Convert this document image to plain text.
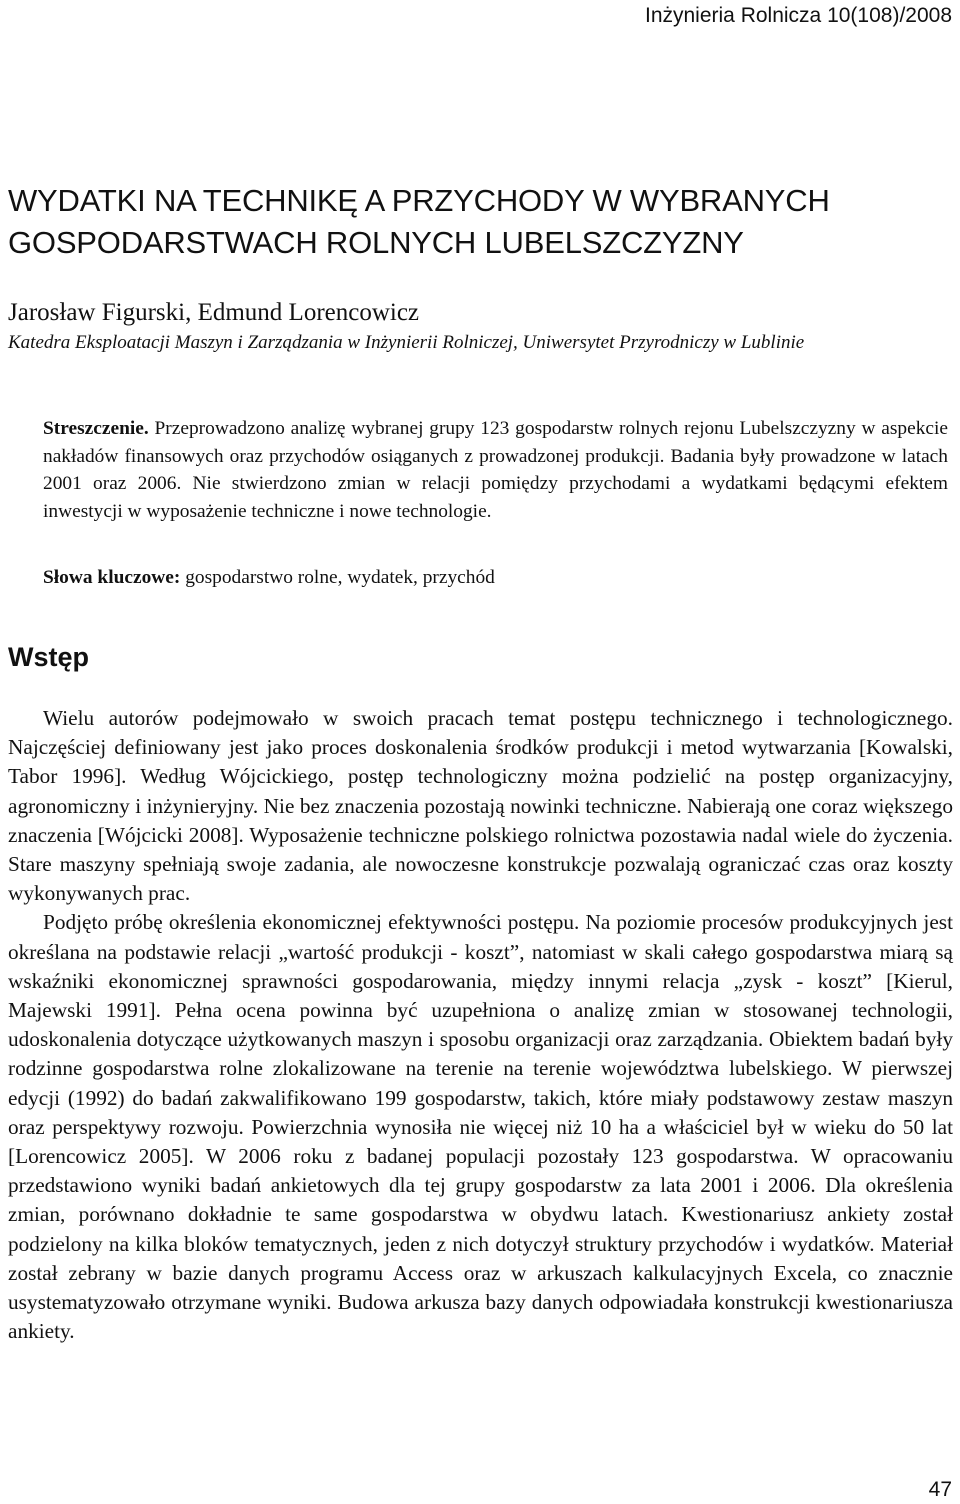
Inżynieria Rolnicza 10(108)/2008
WYDATKI NA TECHNIKĘ A PRZYCHODY W WYBRANYCH GOSPODARSTWACH ROLNYCH LUBELSZCZYZNY
Jarosław Figurski, Edmund Lorencowicz
Katedra Eksploatacji Maszyn i Zarządzania w Inżynierii Rolniczej, Uniwersytet Przyrodniczy w Lublinie

Streszczenie. Przeprowadzono analizę wybranej grupy 123 gospodarstw rolnych rejonu Lubelszczyzny w aspekcie nakładów finansowych oraz przychodów osiąganych z prowadzonej produkcji. Badania były prowadzone w latach 2001 oraz 2006. Nie stwierdzono zmian w relacji pomiędzy przychodami a wydatkami będącymi efektem inwestycji w wyposażenie techniczne i nowe technologie.

Słowa kluczowe: gospodarstwo rolne, wydatek, przychód

Wstęp

Wielu autorów podejmowało w swoich pracach temat postępu technicznego i technologicznego. Najczęściej definiowany jest jako proces doskonalenia środków produkcji i metod wytwarzania [Kowalski, Tabor 1996]. Według Wójcickiego, postęp technologiczny można podzielić na postęp organizacyjny, agronomiczny i inżynieryjny. Nie bez znaczenia pozostają nowinki techniczne. Nabierają one coraz większego znaczenia [Wójcicki 2008]. Wyposażenie techniczne polskiego rolnictwa pozostawia nadal wiele do życzenia. Stare maszyny spełniają swoje zadania, ale nowoczesne konstrukcje pozwalają ograniczać czas oraz koszty wykonywanych prac.

Podjęto próbę określenia ekonomicznej efektywności postępu. Na poziomie procesów produkcyjnych jest określana na podstawie relacji „wartość produkcji - koszt”, natomiast w skali całego gospodarstwa miarą są wskaźniki ekonomicznej sprawności gospodarowania, między innymi relacja „zysk - koszt” [Kierul, Majewski 1991]. Pełna ocena powinna być uzupełniona o analizę zmian w stosowanej technologii, udoskonalenia dotyczące użytkowanych maszyn i sposobu organizacji oraz zarządzania. Obiektem badań były rodzinne gospodarstwa rolne zlokalizowane na terenie na terenie województwa lubelskiego. W pierwszej edycji (1992) do badań zakwalifikowano 199 gospodarstw, takich, które miały podstawowy zestaw maszyn oraz perspektywy rozwoju. Powierzchnia wynosiła nie więcej niż 10 ha a właściciel był w wieku do 50 lat [Lorencowicz 2005]. W 2006 roku z badanej populacji pozostały 123 gospodarstwa. W opracowaniu przedstawiono wyniki badań ankietowych dla tej grupy gospodarstw za lata 2001 i 2006. Dla określenia zmian, porównano dokładnie te same gospodarstwa w obydwu latach. Kwestionariusz ankiety został podzielony na kilka bloków tematycznych, jeden z nich dotyczył struktury przychodów i wydatków. Materiał został zebrany w bazie danych programu Access oraz w arkuszach kalkulacyjnych Excela, co znacznie usystematyzowało otrzymane wyniki. Budowa arkusza bazy danych odpowiadała konstrukcji kwestionariusza ankiety.

47
